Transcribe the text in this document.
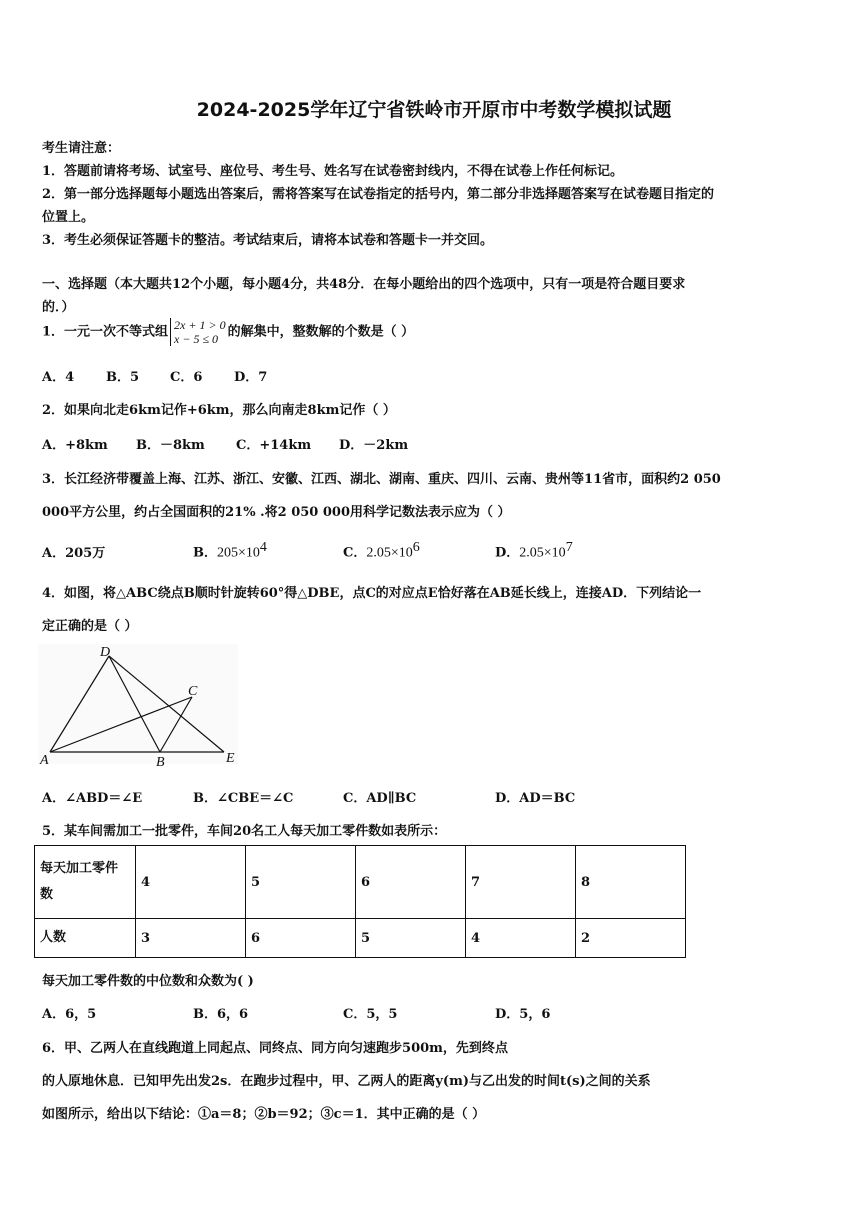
2024-2025学年辽宁省铁岭市开原市中考数学模拟试题
考生请注意：
1．答题前请将考场、试室号、座位号、考生号、姓名写在试卷密封线内，不得在试卷上作任何标记。
2．第一部分选择题每小题选出答案后，需将答案写在试卷指定的括号内，第二部分非选择题答案写在试卷题目指定的
位置上。
3．考生必须保证答题卡的整洁。考试结束后，请将本试卷和答题卡一并交回。
一、选择题（本大题共12个小题，每小题4分，共48分．在每小题给出的四个选项中，只有一项是符合题目要求
的．）
1．一元一次不等式组 2x + 1 > 0
x − 5 ≤ 0 的解集中，整数解的个数是（ ）
A．4 B．5 C．6 D．7
2．如果向北走6km记作+6km，那么向南走8km记作（ ）
A．+8km B．－8km C．+14km D．－2km
3．长江经济带覆盖上海、江苏、浙江、安徽、江西、湖北、湖南、重庆、四川、云南、贵州等11省市，面积约2 050
000平方公里，约占全国面积的21% .将2 050 000用科学记数法表示应为（ ）
A．205万	B．$205\times 10^4$	C．$2.05\times 10^6$	D．$2.05\times 10^7$
4．如图，将△ABC绕点B顺时针旋转60°得△DBE，点C的对应点E恰好落在AB延长线上，连接AD．下列结论一
定正确的是（ ）
D
C
A	B	E
A．∠ABD＝∠E	B．∠CBE＝∠C	C．AD∥BC	D．AD＝BC
5．某车间需加工一批零件，车间20名工人每天加工零件数如表所示：
每天加工零件数	4	5	6	7	8
人数	3	6	5	4	2
每天加工零件数的中位数和众数为( )
A．6，5	B．6，6	C．5，5	D．5，6
6．甲、乙两人在直线跑道上同起点、同终点、同方向匀速跑步500m，先到终点
的人原地休息．已知甲先出发2s．在跑步过程中，甲、乙两人的距离y(m)与乙出发的时间t(s)之间的关系
如图所示，给出以下结论：①a＝8；②b＝92；③c＝1．其中正确的是（ ）
